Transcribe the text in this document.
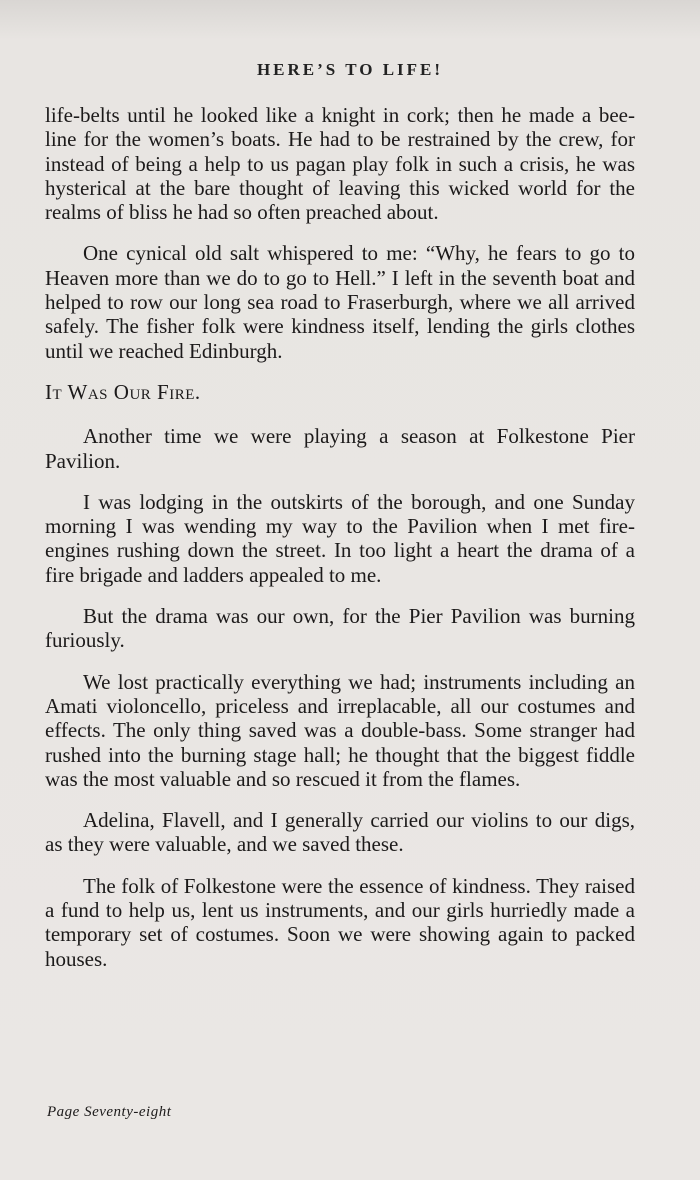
HERE’S TO LIFE!

life-belts until he looked like a knight in cork; then he made a bee-line for the women’s boats. He had to be restrained by the crew, for instead of being a help to us pagan play folk in such a crisis, he was hysterical at the bare thought of leaving this wicked world for the realms of bliss he had so often preached about.

One cynical old salt whispered to me: “Why, he fears to go to Heaven more than we do to go to Hell.” I left in the seventh boat and helped to row our long sea road to Fraserburgh, where we all arrived safely. The fisher folk were kindness itself, lending the girls clothes until we reached Edinburgh.

It Was Our Fire.

Another time we were playing a season at Folkestone Pier Pavilion.

I was lodging in the outskirts of the borough, and one Sunday morning I was wending my way to the Pavilion when I met fire-engines rushing down the street. In too light a heart the drama of a fire brigade and ladders appealed to me.

But the drama was our own, for the Pier Pavilion was burning furiously.

We lost practically everything we had; instruments including an Amati violoncello, priceless and irreplacable, all our costumes and effects. The only thing saved was a double-bass. Some stranger had rushed into the burning stage hall; he thought that the biggest fiddle was the most valuable and so rescued it from the flames.

Adelina, Flavell, and I generally carried our violins to our digs, as they were valuable, and we saved these.

The folk of Folkestone were the essence of kindness. They raised a fund to help us, lent us instruments, and our girls hurriedly made a temporary set of costumes. Soon we were showing again to packed houses.

Page Seventy-eight
